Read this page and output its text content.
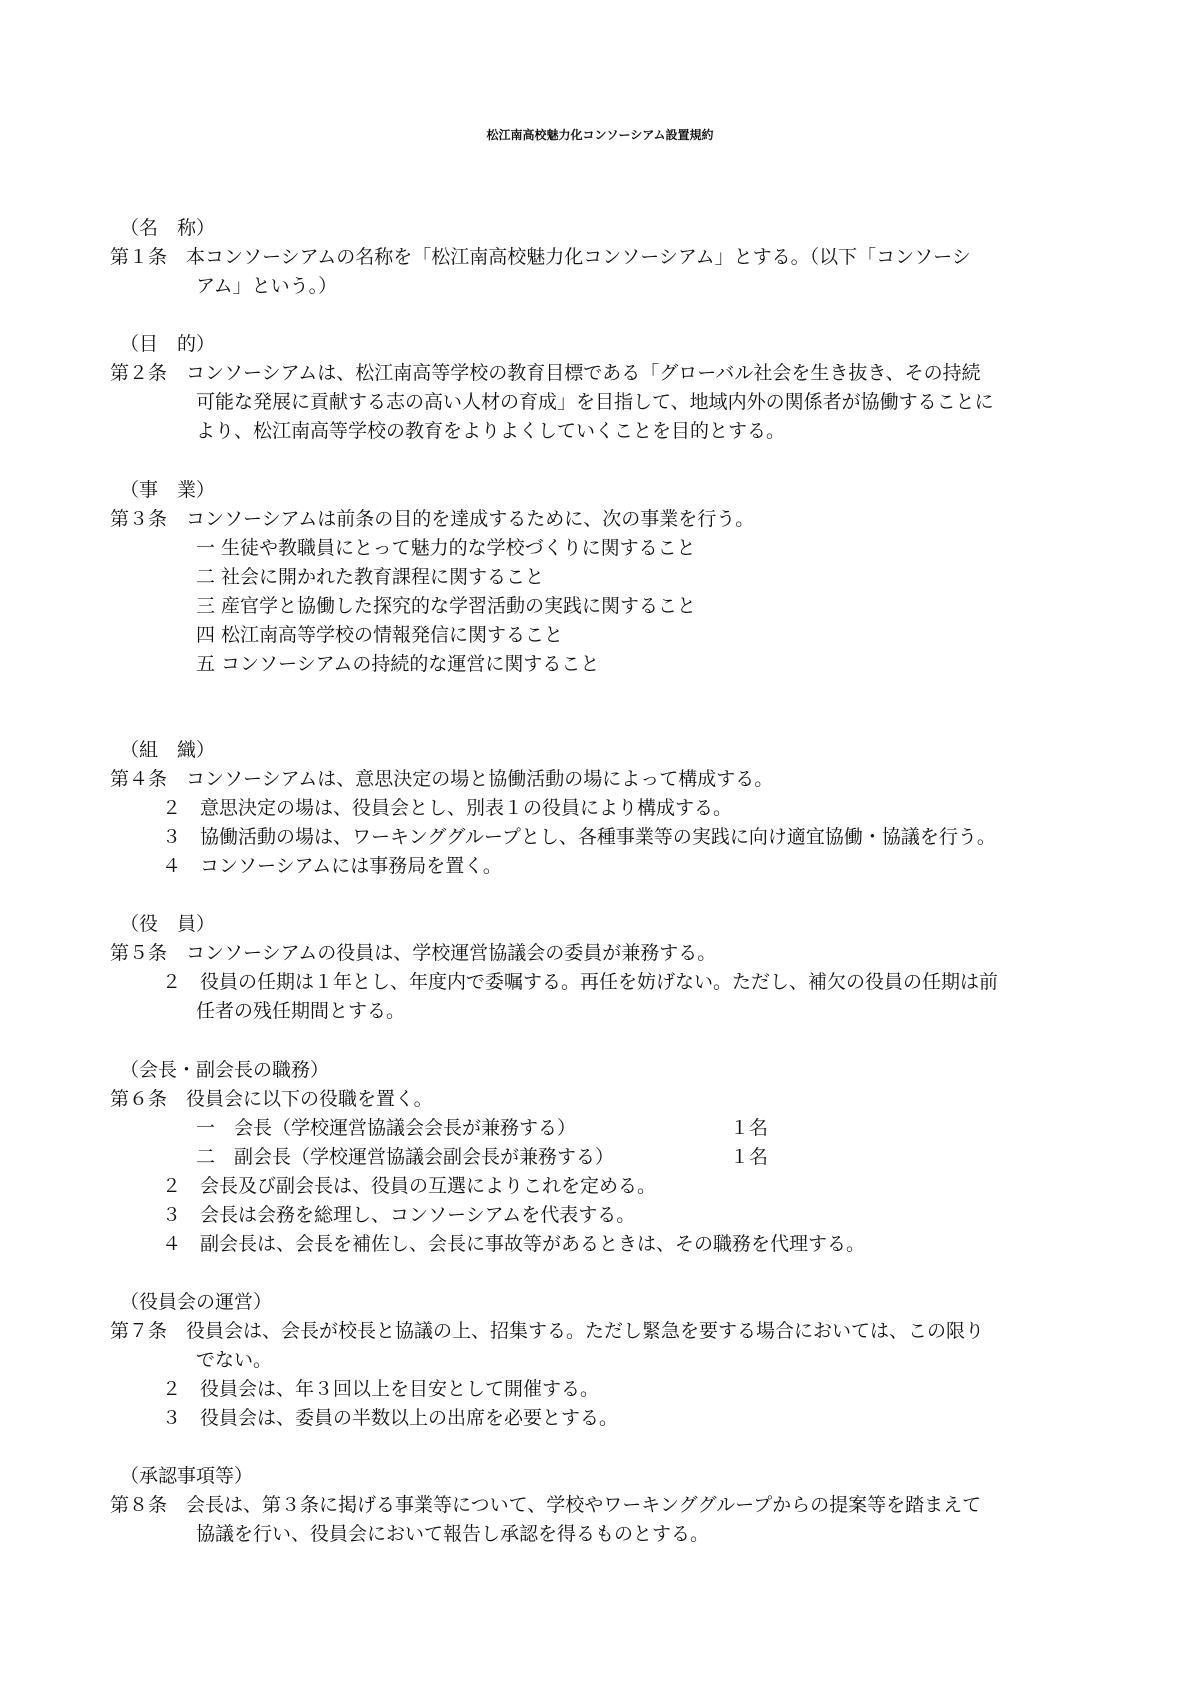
松江南高校魅力化コンソーシアム設置規約
（名　称）
第１条　本コンソーシアムの名称を「松江南高校魅力化コンソーシアム」とする。（以下「コンソーシ
アム」という。）
（目　的）
第２条　コンソーシアムは、松江南高等学校の教育目標である「グローバル社会を生き抜き、その持続
可能な発展に貢献する志の高い人材の育成」を目指して、地域内外の関係者が協働することに
より、松江南高等学校の教育をよりよくしていくことを目的とする。
（事　業）
第３条　コンソーシアムは前条の目的を達成するために、次の事業を行う。
一 生徒や教職員にとって魅力的な学校づくりに関すること
二 社会に開かれた教育課程に関すること
三 産官学と協働した探究的な学習活動の実践に関すること
四 松江南高等学校の情報発信に関すること
五 コンソーシアムの持続的な運営に関すること
（組　織）
第４条　コンソーシアムは、意思決定の場と協働活動の場によって構成する。
２　意思決定の場は、役員会とし、別表１の役員により構成する。
３　協働活動の場は、ワーキンググループとし、各種事業等の実践に向け適宜協働・協議を行う。
４　コンソーシアムには事務局を置く。
（役　員）
第５条　コンソーシアムの役員は、学校運営協議会の委員が兼務する。
２　役員の任期は１年とし、年度内で委嘱する。再任を妨げない。ただし、補欠の役員の任期は前
任者の残任期間とする。
（会長・副会長の職務）
第６条　役員会に以下の役職を置く。
一　会長（学校運営協議会会長が兼務する）	１名
二　副会長（学校運営協議会副会長が兼務する）	１名
２　会長及び副会長は、役員の互選によりこれを定める。
３　会長は会務を総理し、コンソーシアムを代表する。
４　副会長は、会長を補佐し、会長に事故等があるときは、その職務を代理する。
（役員会の運営）
第７条　役員会は、会長が校長と協議の上、招集する。ただし緊急を要する場合においては、この限り
でない。
２　役員会は、年３回以上を目安として開催する。
３　役員会は、委員の半数以上の出席を必要とする。
（承認事項等）
第８条　会長は、第３条に掲げる事業等について、学校やワーキンググループからの提案等を踏まえて
協議を行い、役員会において報告し承認を得るものとする。
